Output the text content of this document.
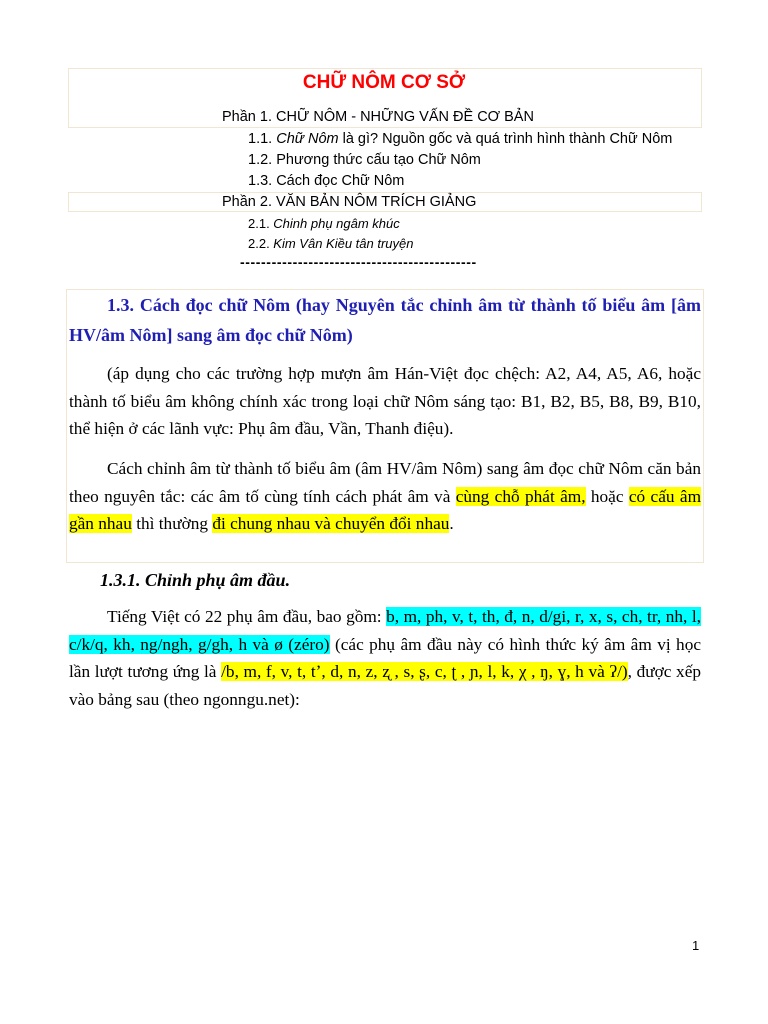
CHỮ NÔM CƠ SỞ
Phần 1. CHỮ NÔM - NHỮNG VẤN ĐỀ CƠ BẢN
1.1. Chữ Nôm là gì? Nguồn gốc và quá trình hình thành Chữ Nôm
1.2. Phương thức cấu tạo Chữ Nôm
1.3. Cách đọc Chữ Nôm
Phần 2. VĂN BẢN NÔM TRÍCH GIẢNG
2.1. Chinh phụ ngâm khúc
2.2. Kim Vân Kiều tân truyện
---------------------------------------------
1.3. Cách đọc chữ Nôm (hay Nguyên tắc chỉnh âm từ thành tố biểu âm [âm HV/âm Nôm] sang âm đọc chữ Nôm)
(áp dụng cho các trường hợp mượn âm Hán-Việt đọc chệch: A2, A4, A5, A6, hoặc thành tố biểu âm không chính xác trong loại chữ Nôm sáng tạo: B1, B2, B5, B8, B9, B10, thể hiện ở các lãnh vực: Phụ âm đầu, Vần, Thanh điệu).
Cách chỉnh âm từ thành tố biểu âm (âm HV/âm Nôm) sang âm đọc chữ Nôm căn bản theo nguyên tắc: các âm tố cùng tính cách phát âm và cùng chỗ phát âm, hoặc có cấu âm gần nhau thì thường đi chung nhau và chuyển đổi nhau.
1.3.1. Chỉnh phụ âm đầu.
Tiếng Việt có 22 phụ âm đầu, bao gồm: b, m, ph, v, t, th, đ, n, d/gi, r, x, s, ch, tr, nh, l, c/k/q, kh, ng/ngh, g/gh, h và ø (zéro) (các phụ âm đầu này có hình thức ký âm âm vị học lần lượt tương ứng là /b, m, f, v, t, tʼ, d, n, z, ʐ , s, ʂ, c, ʈ , ɲ, l, k, χ , ŋ, ɣ, h và ʔ/), được xếp vào bảng sau (theo ngonngu.net):
1
